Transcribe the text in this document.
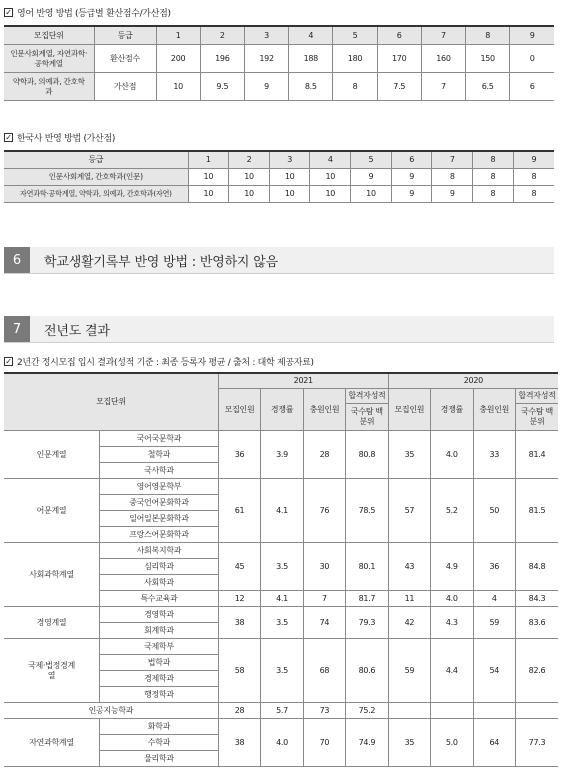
✓ 영어 반영 방법 (등급별 환산점수/가산점)
모집단위	등급	1	2	3	4	5	6	7	8	9
인문사회계열, 자연과학·공학계열	환산점수	200	196	192	188	180	170	160	150	0
약학과, 의예과, 간호학과	가산점	10	9.5	9	8.5	8	7.5	7	6.5	6
✓ 한국사 반영 방법 (가산점)
등급	1	2	3	4	5	6	7	8	9
인문사회계열, 간호학과(인문)	10	10	10	10	9	9	8	8	8
자연과학·공학계열, 약학과, 의예과, 간호학과(자연)	10	10	10	10	10	9	9	8	8
6	학교생활기록부 반영 방법 : 반영하지 않음
7	전년도 결과
✓ 2년간 정시모집 입시 결과(성적 기준 : 최종 등록자 평균 / 출처 : 대학 제공자료)
모집단위		2021				2020			
		모집인원	경쟁률	충원인원	합격자성적	모집인원	경쟁률	충원인원	합격자성적
					국수탐 백분위				국수탐 백분위
인문계열	국어국문학과	36	3.9	28	80.8	35	4.0	33	81.4
	철학과								
	국사학과								
어문계열	영어영문학부	61	4.1	76	78.5	57	5.2	50	81.5
	중국언어문화학과								
	일어일본문화학과								
	프랑스어문화학과								
사회과학계열	사회복지학과	45	3.5	30	80.1	43	4.9	36	84.8
	심리학과								
	사회학과								
	특수교육과	12	4.1	7	81.7	11	4.0	4	84.3
경영계열	경영학과	38	3.5	74	79.3	42	4.3	59	83.6
	회계학과								
국제·법정경계열	국제학부	58	3.5	68	80.6	59	4.4	54	82.6
	법학과								
	경제학과								
	행정학과								
인공지능학과		28	5.7	73	75.2				
자연과학계열	화학과	38	4.0	70	74.9	35	5.0	64	77.3
	수학과								
	물리학과								
